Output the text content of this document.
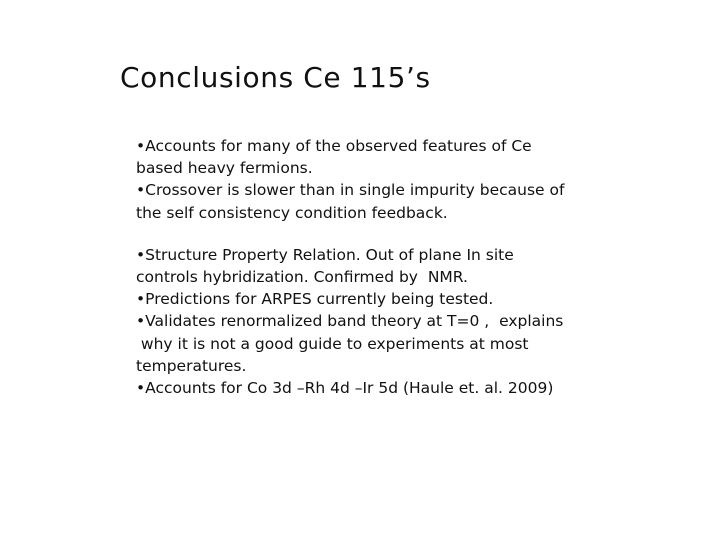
Conclusions Ce 115’s
•Accounts for many of the observed features of Ce
based heavy fermions.
•Crossover is slower than in single impurity because of
the self consistency condition feedback.
•Structure Property Relation. Out of plane In site
controls hybridization. Confirmed by  NMR.
•Predictions for ARPES currently being tested.
•Validates renormalized band theory at T=0 ,  explains
why it is not a good guide to experiments at most
temperatures.
•Accounts for Co 3d –Rh 4d –Ir 5d (Haule et. al. 2009)
